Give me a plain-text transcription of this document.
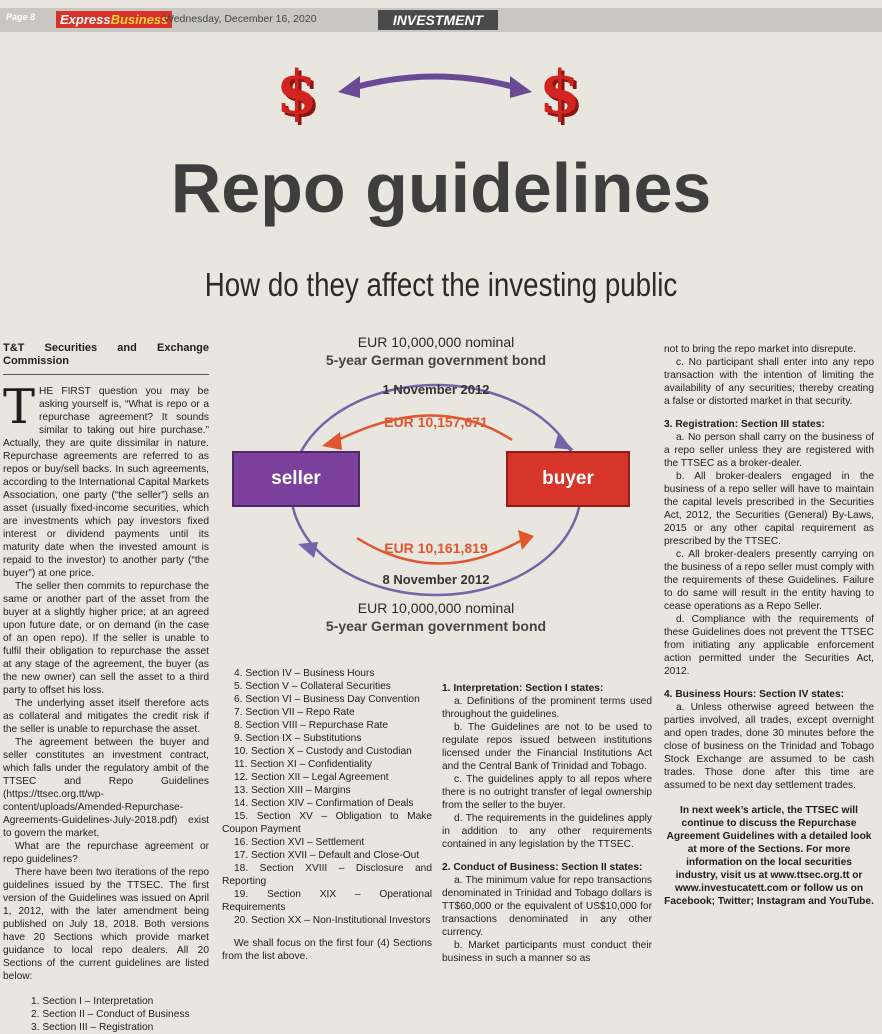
Page 8	ExpressBusiness
Wednesday, December 16, 2020	INVESTMENT
$	$
Repo guidelines
How do they affect the investing public

T&T Securities and Exchange Commission

THE FIRST question you may be asking yourself is, “What is repo or a repurchase agreement? It sounds similar to taking out hire purchase.” Actually, they are quite dissimilar in nature. Repurchase agreements are referred to as repos or buy/sell backs. In such agreements, according to the International Capital Markets Association, one party (“the seller”) sells an asset (usually fixed-income securities, which are investments which pay investors fixed interest or dividend payments until its maturity date when the invested amount is repaid to the investor) to another party (“the buyer”) at one price.

The seller then commits to repurchase the same or another part of the asset from the buyer at a slightly higher price; at an agreed upon future date, or on demand (in the case of an open repo). If the seller is unable to fulfil their obligation to repurchase the asset at any stage of the agreement, the buyer (as the new owner) can sell the asset to a third party to offset his loss.

The underlying asset itself therefore acts as collateral and mitigates the credit risk if the seller is unable to repurchase the asset.

The agreement between the buyer and seller constitutes an investment contract, which falls under the regulatory ambit of the TTSEC and Repo Guidelines (https://ttsec.org.tt/wp-content/uploads/Amended-Repurchase-Agreements-Guidelines-July-2018.pdf) exist to govern the market.

What are the repurchase agreement or repo guidelines?

There have been two iterations of the repo guidelines issued by the TTSEC. The first version of the Guidelines was issued on April 1, 2012, with the later amendment being published on July 18, 2018. Both versions have 20 Sections which provide market guidance to local repo dealers. All 20 Sections of the current guidelines are listed below:

1. Section I – Interpretation

2. Section II – Conduct of Business

3. Section III – Registration

EUR 10,000,000 nominal
5-year German government bond
1 November 2012
EUR 10,157,671
seller	buyer
EUR 10,161,819
8 November 2012
EUR 10,000,000 nominal
5-year German government bond

4. Section IV – Business Hours

5. Section V – Collateral Securities

6. Section VI – Business Day Convention

7. Section VII – Repo Rate

8. Section VIII – Repurchase Rate

9. Section IX – Substitutions

10. Section X – Custody and Custodian

11. Section XI – Confidentiality

12. Section XII – Legal Agreement

13. Section XIII – Margins

14. Section XIV – Confirmation of Deals

15. Section XV – Obligation to Make Coupon Payment

16. Section XVI – Settlement

17. Section XVII – Default and Close-Out

18. Section XVIII – Disclosure and Reporting

19. Section XIX – Operational Requirements

20. Section XX – Non-Institutional Investors

We shall focus on the first four (4) Sections from the list above.

1. Interpretation: Section I states:

a. Definitions of the prominent terms used throughout the guidelines.

b. The Guidelines are not to be used to regulate repos issued between institutions licensed under the Financial Institutions Act and the Central Bank of Trinidad and Tobago.

c. The guidelines apply to all repos where there is no outright transfer of legal ownership from the seller to the buyer.

d. The requirements in the guidelines apply in addition to any other requirements contained in any legislation by the TTSEC.

2. Conduct of Business: Section II states:

a. The minimum value for repo transactions denominated in Trinidad and Tobago dollars is TT$60,000 or the equivalent of US$10,000 for transactions denominated in any other currency.

b. Market participants must conduct their business in such a manner so as

not to bring the repo market into disrepute.

c. No participant shall enter into any repo transaction with the intention of limiting the availability of any securities; thereby creating a false or distorted market in that security.

3. Registration: Section III states:

a. No person shall carry on the business of a repo seller unless they are registered with the TTSEC as a broker-dealer.

b. All broker-dealers engaged in the business of a repo seller will have to maintain the capital levels prescribed in the Securities Act, 2012, the Securities (General) By-Laws, 2015 or any other capital requirement as prescribed by the TTSEC.

c. All broker-dealers presently carrying on the business of a repo seller must comply with the requirements of these Guidelines. Failure to do same will result in the entity having to cease operations as a Repo Seller.

d. Compliance with the requirements of these Guidelines does not prevent the TTSEC from initiating any applicable enforcement action permitted under the Securities Act, 2012.

4. Business Hours: Section IV states:

a. Unless otherwise agreed between the parties involved, all trades, except overnight and open trades, done 30 minutes before the close of business on the Trinidad and Tobago Stock Exchange are assumed to be cash trades. Those done after this time are assumed to be next day settlement trades.

In next week’s article, the TTSEC will continue to discuss the Repurchase Agreement Guidelines with a detailed look at more of the Sections. For more information on the local securities industry, visit us at www.ttsec.org.tt or www.investucatett.com or follow us on Facebook; Twitter; Instagram and YouTube.
